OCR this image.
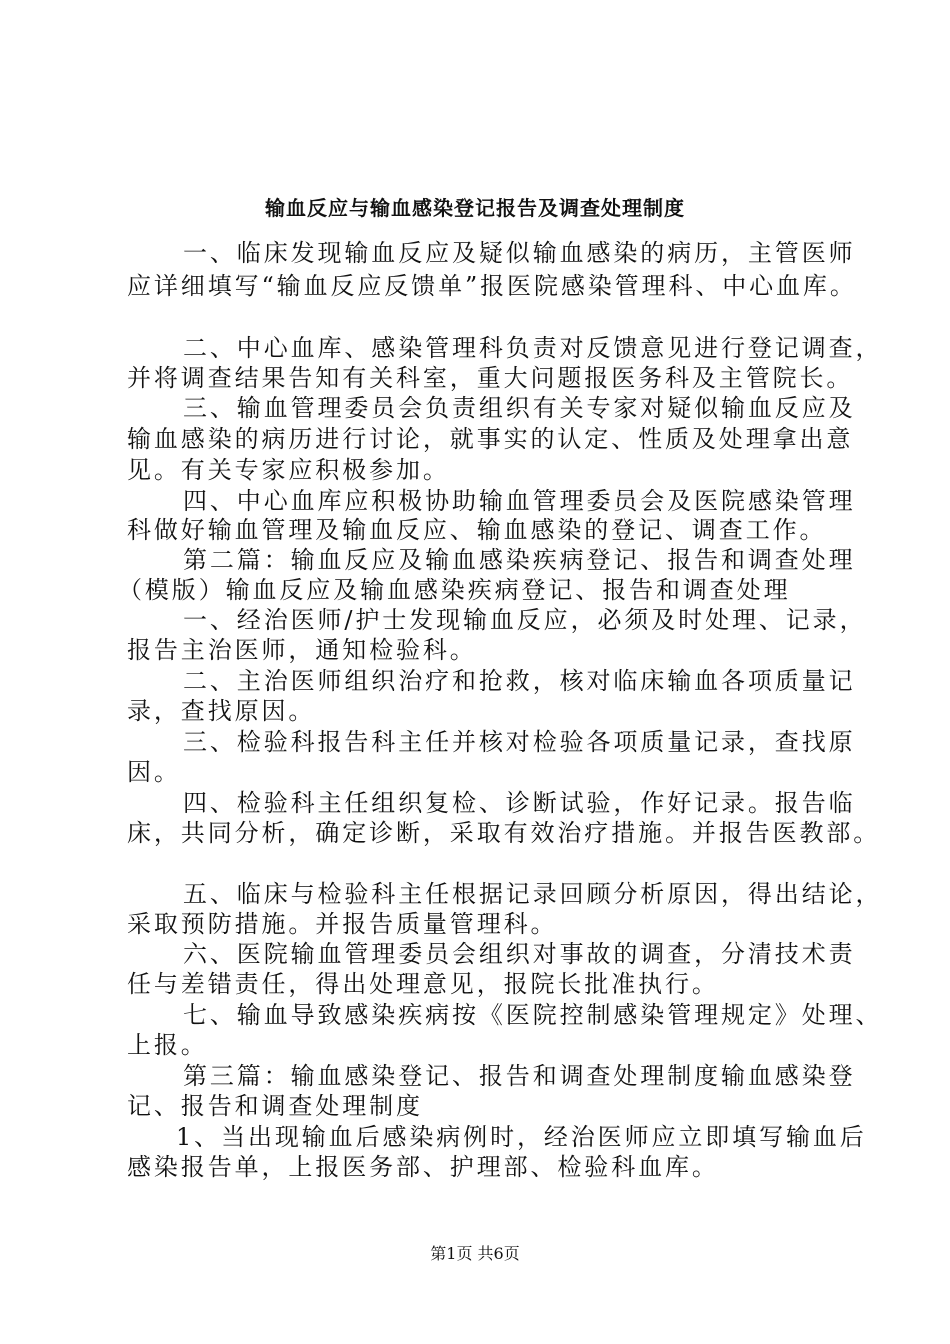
输血反应与输血感染登记报告及调查处理制度
一、临床发现输血反应及疑似输血感染的病历，主管医师
应详细填写“输血反应反馈单”报医院感染管理科、中心血库。
二、中心血库、感染管理科负责对反馈意见进行登记调查，
并将调查结果告知有关科室，重大问题报医务科及主管院长。
三、输血管理委员会负责组织有关专家对疑似输血反应及
输血感染的病历进行讨论，就事实的认定、性质及处理拿出意
见。有关专家应积极参加。
四、中心血库应积极协助输血管理委员会及医院感染管理
科做好输血管理及输血反应、输血感染的登记、调查工作。
第二篇：输血反应及输血感染疾病登记、报告和调查处理
（模版）输血反应及输血感染疾病登记、报告和调查处理
一、经治医师/护士发现输血反应，必须及时处理、记录，
报告主治医师，通知检验科。
二、主治医师组织治疗和抢救，核对临床输血各项质量记
录，查找原因。
三、检验科报告科主任并核对检验各项质量记录，查找原
因。
四、检验科主任组织复检、诊断试验，作好记录。报告临
床，共同分析，确定诊断，采取有效治疗措施。并报告医教部。
五、临床与检验科主任根据记录回顾分析原因，得出结论，
采取预防措施。并报告质量管理科。
六、医院输血管理委员会组织对事故的调查，分清技术责
任与差错责任，得出处理意见，报院长批准执行。
七、输血导致感染疾病按《医院控制感染管理规定》处理、
上报。
第三篇：输血感染登记、报告和调查处理制度输血感染登
记、报告和调查处理制度
1、当出现输血后感染病例时，经治医师应立即填写输血后
感染报告单，上报医务部、护理部、检验科血库。
第1页 共6页
